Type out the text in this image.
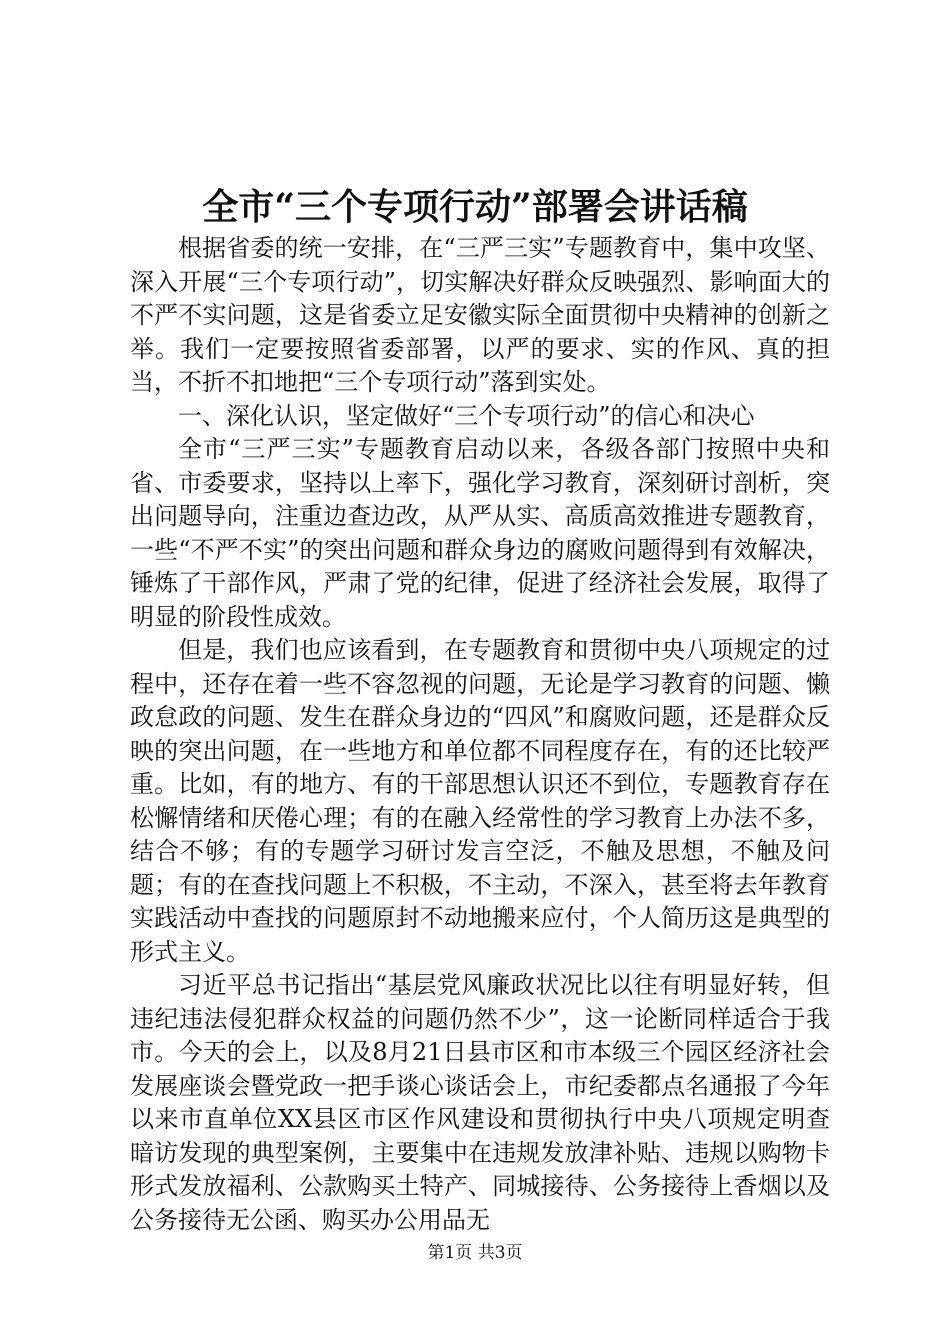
全市“三个专项行动”部署会讲话稿

根据省委的统一安排，在“三严三实”专题教育中，集中攻坚、深入开展“三个专项行动”，切实解决好群众反映强烈、影响面大的不严不实问题，这是省委立足安徽实际全面贯彻中央精神的创新之举。我们一定要按照省委部署，以严的要求、实的作风、真的担当，不折不扣地把“三个专项行动”落到实处。

一、深化认识，坚定做好“三个专项行动”的信心和决心

全市“三严三实”专题教育启动以来，各级各部门按照中央和省、市委要求，坚持以上率下，强化学习教育，深刻研讨剖析，突出问题导向，注重边查边改，从严从实、高质高效推进专题教育，一些“不严不实”的突出问题和群众身边的腐败问题得到有效解决，锤炼了干部作风，严肃了党的纪律，促进了经济社会发展，取得了明显的阶段性成效。

但是，我们也应该看到，在专题教育和贯彻中央八项规定的过程中，还存在着一些不容忽视的问题，无论是学习教育的问题、懒政怠政的问题、发生在群众身边的“四风”和腐败问题，还是群众反映的突出问题，在一些地方和单位都不同程度存在，有的还比较严重。比如，有的地方、有的干部思想认识还不到位，专题教育存在松懈情绪和厌倦心理；有的在融入经常性的学习教育上办法不多，结合不够；有的专题学习研讨发言空泛，不触及思想，不触及问题；有的在查找问题上不积极，不主动，不深入，甚至将去年教育实践活动中查找的问题原封不动地搬来应付，个人简历这是典型的形式主义。

习近平总书记指出“基层党风廉政状况比以往有明显好转，但违纪违法侵犯群众权益的问题仍然不少”，这一论断同样适合于我市。今天的会上，以及8月21日县市区和市本级三个园区经济社会发展座谈会暨党政一把手谈心谈话会上，市纪委都点名通报了今年以来市直单位XX县区市区作风建设和贯彻执行中央八项规定明查暗访发现的典型案例，主要集中在违规发放津补贴、违规以购物卡形式发放福利、公款购买土特产、同城接待、公务接待上香烟以及公务接待无公函、购买办公用品无

第1页 共3页
